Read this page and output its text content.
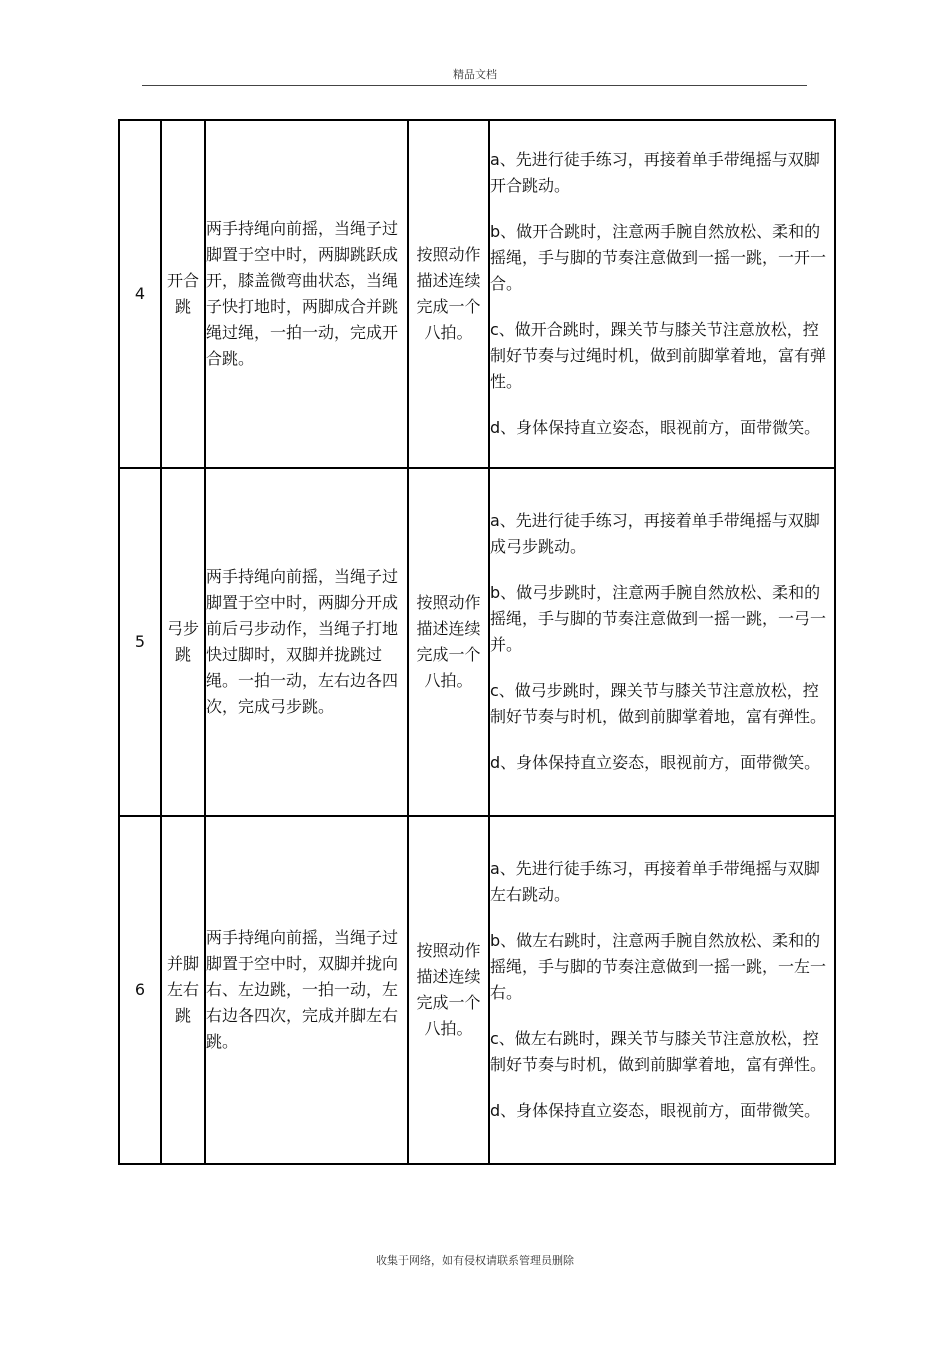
精品文档
4	开合跳	两手持绳向前摇，当绳子过脚置于空中时，两脚跳跃成开，膝盖微弯曲状态，当绳子快打地时，两脚成合并跳绳过绳，一拍一动，完成开合跳。	按照动作描述连续完成一个八拍。	a、先进行徒手练习，再接着单手带绳摇与双脚开合跳动。

b、做开合跳时，注意两手腕自然放松、柔和的摇绳，手与脚的节奏注意做到一摇一跳，一开一合。

c、做开合跳时，踝关节与膝关节注意放松，控制好节奏与过绳时机，做到前脚掌着地，富有弹性。

d、身体保持直立姿态，眼视前方，面带微笑。

5	弓步跳	两手持绳向前摇，当绳子过脚置于空中时，两脚分开成前后弓步动作，当绳子打地快过脚时，双脚并拢跳过绳。一拍一动，左右边各四次，完成弓步跳。	按照动作描述连续完成一个八拍。	a、先进行徒手练习，再接着单手带绳摇与双脚成弓步跳动。

b、做弓步跳时，注意两手腕自然放松、柔和的摇绳，手与脚的节奏注意做到一摇一跳，一弓一并。

c、做弓步跳时，踝关节与膝关节注意放松，控制好节奏与时机，做到前脚掌着地，富有弹性。

d、身体保持直立姿态，眼视前方，面带微笑。

6	并脚左右跳	两手持绳向前摇，当绳子过脚置于空中时，双脚并拢向右、左边跳，一拍一动，左右边各四次，完成并脚左右跳。	按照动作描述连续完成一个八拍。	a、先进行徒手练习，再接着单手带绳摇与双脚左右跳动。

b、做左右跳时，注意两手腕自然放松、柔和的摇绳，手与脚的节奏注意做到一摇一跳，一左一右。

c、做左右跳时，踝关节与膝关节注意放松，控制好节奏与时机，做到前脚掌着地，富有弹性。

d、身体保持直立姿态，眼视前方，面带微笑。

收集于网络，如有侵权请联系管理员删除
